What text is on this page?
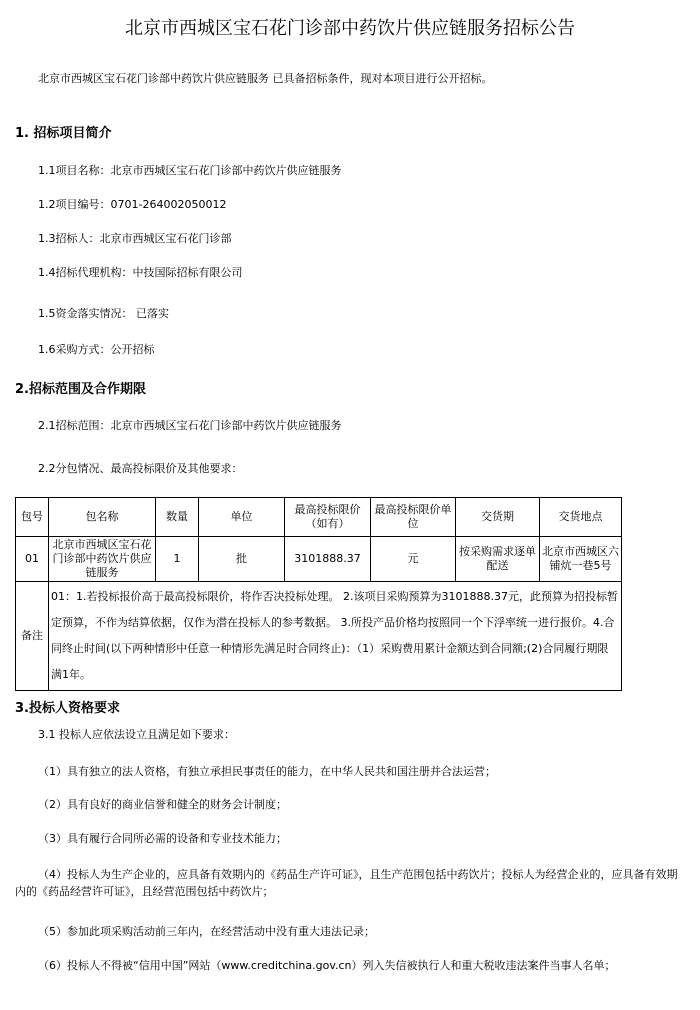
北京市西城区宝石花门诊部中药饮片供应链服务招标公告
北京市西城区宝石花门诊部中药饮片供应链服务 已具备招标条件，现对本项目进行公开招标。
1. 招标项目简介
1.1项目名称：北京市西城区宝石花门诊部中药饮片供应链服务
1.2项目编号：0701-264002050012
1.3招标人：北京市西城区宝石花门诊部
1.4招标代理机构：中技国际招标有限公司
1.5资金落实情况： 已落实
1.6采购方式：公开招标
2.招标范围及合作期限
2.1招标范围：北京市西城区宝石花门诊部中药饮片供应链服务
2.2分包情况、最高投标限价及其他要求：
包号	包名称	数量	单位	最高投标限价（如有）	最高投标限价单位	交货期	交货地点
01	北京市西城区宝石花门诊部中药饮片供应链服务	1	批	3101888.37	元	按采购需求逐单配送	北京市西城区六铺炕一巷5号
备注	01：1.若投标报价高于最高投标限价，将作否决投标处理。 2.该项目采购预算为3101888.37元，此预算为招投标暂定预算，不作为结算依据，仅作为潜在投标人的参考数据。 3.所投产品价格均按照同一个下浮率统一进行报价。4.合同终止时间(以下两种情形中任意一种情形先满足时合同终止)：（1）采购费用累计金额达到合同额;(2)合同履行期限满1年。						
3.投标人资格要求
3.1 投标人应依法设立且满足如下要求：
（1）具有独立的法人资格，有独立承担民事责任的能力，在中华人民共和国注册并合法运营；
（2）具有良好的商业信誉和健全的财务会计制度；
（3）具有履行合同所必需的设备和专业技术能力；
（4）投标人为生产企业的，应具备有效期内的《药品生产许可证》，且生产范围包括中药饮片；投标人为经营企业的，应具备有效期内的《药品经营许可证》，且经营范围包括中药饮片；
（5）参加此项采购活动前三年内，在经营活动中没有重大违法记录；
（6）投标人不得被“信用中国”网站（www.creditchina.gov.cn）列入失信被执行人和重大税收违法案件当事人名单；
